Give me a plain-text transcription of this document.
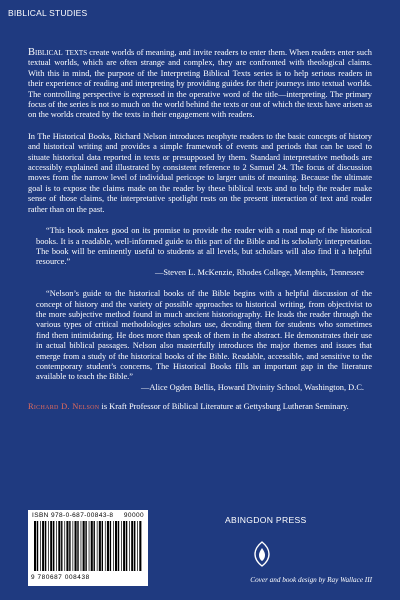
BIBLICAL STUDIES

Biblical texts create worlds of meaning, and invite readers to enter them. When readers enter such textual worlds, which are often strange and complex, they are confronted with theological claims. With this in mind, the purpose of the Interpreting Biblical Texts series is to help serious readers in their experience of reading and interpreting by providing guides for their journeys into textual worlds. The controlling perspective is expressed in the operative word of the title—interpreting. The primary focus of the series is not so much on the world behind the texts or out of which the texts have arisen as on the worlds created by the texts in their engagement with readers.

In The Historical Books, Richard Nelson introduces neophyte readers to the basic concepts of history and historical writing and provides a simple framework of events and periods that can be used to situate historical data reported in texts or presupposed by them. Standard interpretative methods are accessibly explained and illustrated by consistent reference to 2 Samuel 24. The focus of discussion moves from the narrow level of individual pericope to larger units of meaning. Because the ultimate goal is to expose the claims made on the reader by these biblical texts and to help the reader make sense of those claims, the interpretative spotlight rests on the present interaction of text and reader rather than on the past.

“This book makes good on its promise to provide the reader with a road map of the historical books. It is a readable, well-informed guide to this part of the Bible and its scholarly interpretation. The book will be eminently useful to students at all levels, but scholars will also find it a helpful resource.”

—Steven L. McKenzie, Rhodes College, Memphis, Tennessee

“Nelson’s guide to the historical books of the Bible begins with a helpful discussion of the concept of history and the variety of possible approaches to historical writing, from objectivist to the more subjective method found in much ancient historiography. He leads the reader through the various types of critical methodologies scholars use, decoding them for students who sometimes find them intimidating. He does more than speak of them in the abstract. He demonstrates their use in actual biblical passages. Nelson also masterfully introduces the major themes and issues that emerge from a study of the historical books of the Bible. Readable, accessible, and sensitive to the contemporary student’s concerns, The Historical Books fills an important gap in the literature available to teach the Bible.”

—Alice Ogden Bellis, Howard Divinity School, Washington, D.C.

Richard D. Nelson is Kraft Professor of Biblical Literature at Gettysburg Lutheran Seminary.

ISBN 978-0-687-00843-8 90000
9 780687 008438
ABINGDON PRESS
Cover and book design by Ray Wallace III
